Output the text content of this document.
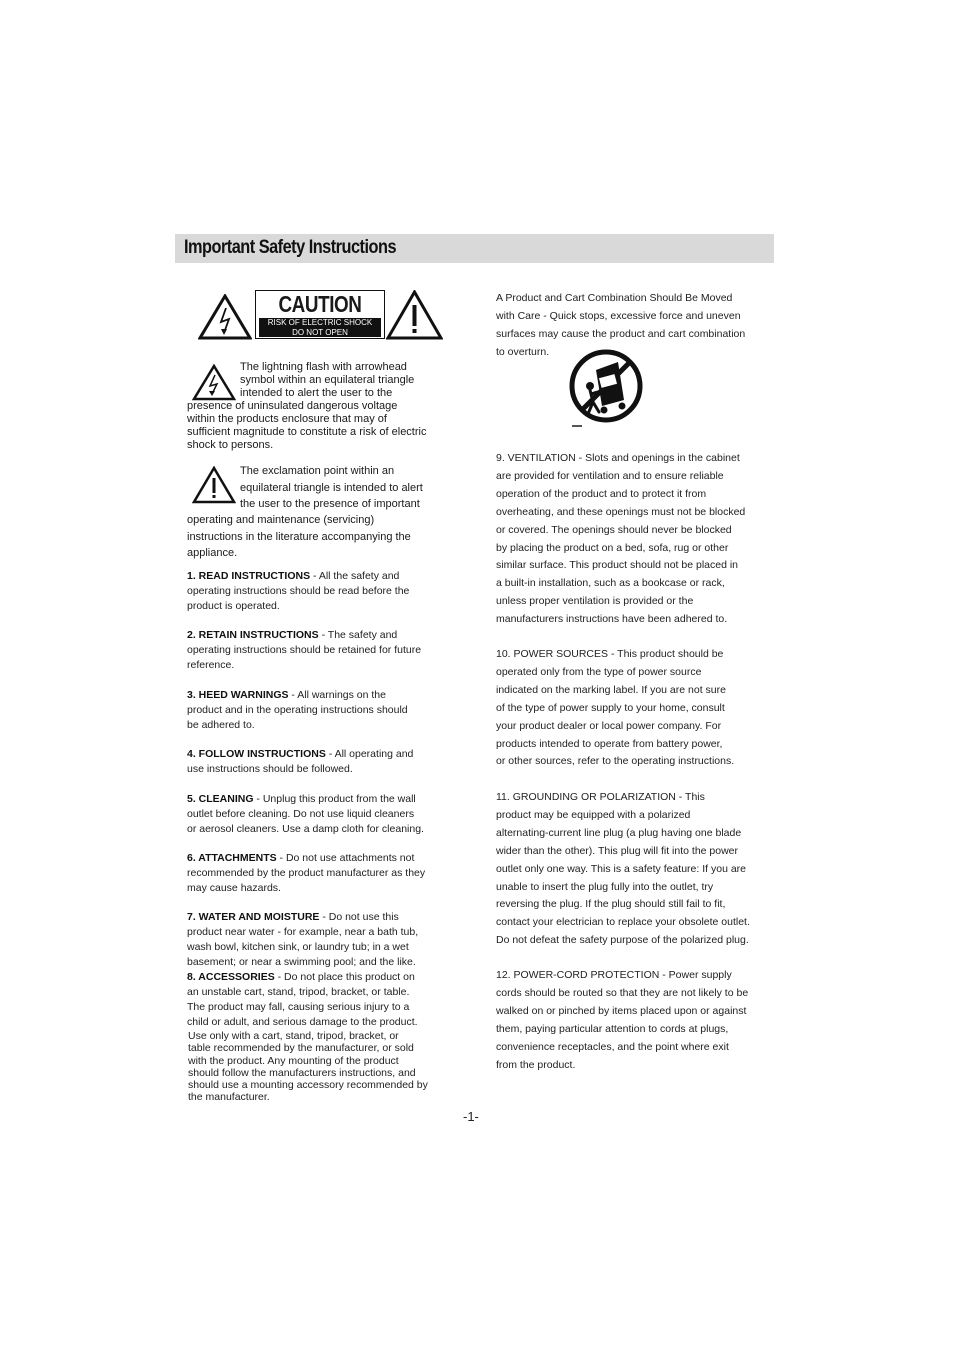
Important Safety Instructions
CAUTION
RISK OF ELECTRIC SHOCK
DO NOT OPEN
The lightning flash with arrowhead
symbol within an equilateral triangle
intended to alert the user to the
presence of uninsulated dangerous voltage
within the products enclosure that may of
sufficient magnitude to constitute a risk of electric
shock to persons.
The exclamation point within an
equilateral triangle is intended to alert
the user to the presence of important
operating and maintenance (servicing)
instructions in the literature accompanying the
appliance.
1. READ INSTRUCTIONS - All the safety and
operating instructions should be read before the
product is operated.
2. RETAIN INSTRUCTIONS - The safety and
operating instructions should be retained for future
reference.
3. HEED WARNINGS - All warnings on the
product and in the operating instructions should
be adhered to.
4. FOLLOW INSTRUCTIONS - All operating and
use instructions should be followed.
5. CLEANING - Unplug this product from the wall
outlet before cleaning. Do not use liquid cleaners
or aerosol cleaners. Use a damp cloth for cleaning.
6. ATTACHMENTS - Do not use attachments not
recommended by the product manufacturer as they
may cause hazards.
7. WATER AND MOISTURE - Do not use this
product near water - for example, near a bath tub,
wash bowl, kitchen sink, or laundry tub; in a wet
basement; or near a swimming pool; and the like.
8. ACCESSORIES - Do not place this product on
an unstable cart, stand, tripod, bracket, or table.
The product may fall, causing serious injury to a
child or adult, and serious damage to the product.
Use only with a cart, stand, tripod, bracket, or
table recommended by the manufacturer, or sold
with the product. Any mounting of the product
should follow the manufacturers instructions, and
should use a mounting accessory recommended by
the manufacturer.
A Product and Cart Combination Should Be Moved
with Care - Quick stops, excessive force and uneven
surfaces may cause the product and cart combination
to overturn.
9. VENTILATION - Slots and openings in the cabinet
are provided for ventilation and to ensure reliable
operation of the product and to protect it from
overheating, and these openings must not be blocked
or covered. The openings should never be blocked
by placing the product on a bed, sofa, rug or other
similar surface. This product should not be placed in
a built-in installation, such as a bookcase or rack,
unless proper ventilation is provided or the
manufacturers instructions have been adhered to.
10. POWER SOURCES - This product should be
operated only from the type of power source
indicated on the marking label. If you are not sure
of the type of power supply to your home, consult
your product dealer or local power company. For
products intended to operate from battery power,
or other sources, refer to the operating instructions.
11. GROUNDING OR POLARIZATION - This
product may be equipped with a polarized
alternating-current line plug (a plug having one blade
wider than the other). This plug will fit into the power
outlet only one way. This is a safety feature: If you are
unable to insert the plug fully into the outlet, try
reversing the plug. If the plug should still fail to fit,
contact your electrician to replace your obsolete outlet.
Do not defeat the safety purpose of the polarized plug.
12. POWER-CORD PROTECTION - Power supply
cords should be routed so that they are not likely to be
walked on or pinched by items placed upon or against
them, paying particular attention to cords at plugs,
convenience receptacles, and the point where exit
from the product.
-1-
